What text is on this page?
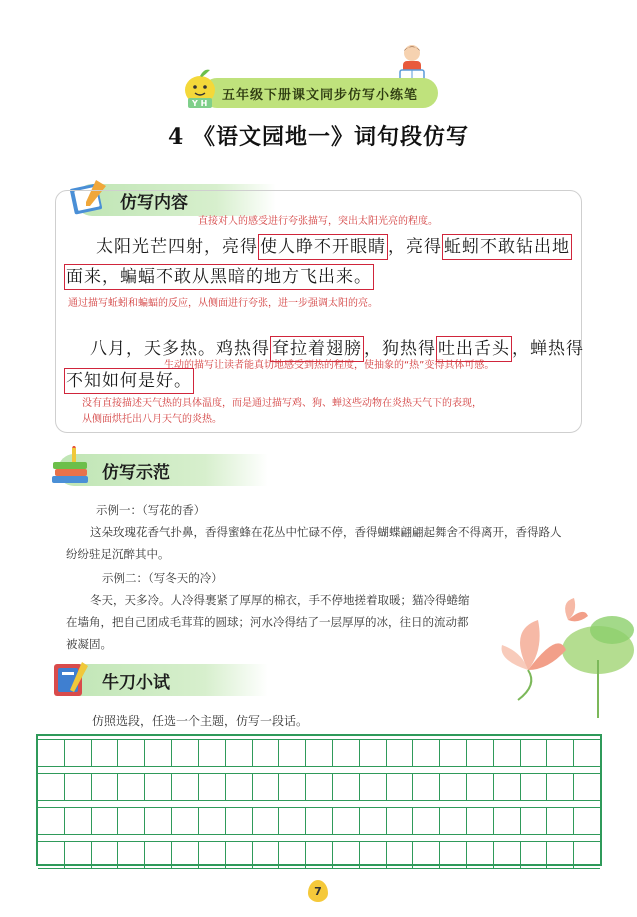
五年级下册课文同步仿写小练笔
Y H
4 《语文园地一》词句段仿写
仿写内容
直接对人的感受进行夸张描写，突出太阳光亮的程度。
太阳光芒四射，亮得 使人睁不开眼睛 ，亮得 蚯蚓不敢钻出地
面来，蝙蝠不敢从黑暗的地方飞出来。
通过描写蚯蚓和蝙蝠的反应，从侧面进行夸张，进一步强调太阳的亮。
八月，天多热。鸡热得 耷拉着翅膀 ，狗热得 吐出舌头 ，蝉热得
生动的描写让读者能真切地感受到热的程度，使抽象的“热”变得具体可感。
不知如何是好。
没有直接描述天气热的具体温度，而是通过描写鸡、狗、蝉这些动物在炎热天气下的表现，
从侧面烘托出八月天气的炎热。
仿写示范
示例一：（写花的香）
这朵玫瑰花香气扑鼻，香得蜜蜂在花丛中忙碌不停，香得蝴蝶翩翩起舞舍不得离开，香得路人
纷纷驻足沉醉其中。
示例二：（写冬天的冷）
冬天，天多冷。人冷得裹紧了厚厚的棉衣，手不停地搓着取暖；猫冷得蜷缩
在墙角，把自己团成毛茸茸的圆球；河水冷得结了一层厚厚的冰，往日的流动都
被凝固。
牛刀小试
仿照选段，任选一个主题，仿写一段话。
7
